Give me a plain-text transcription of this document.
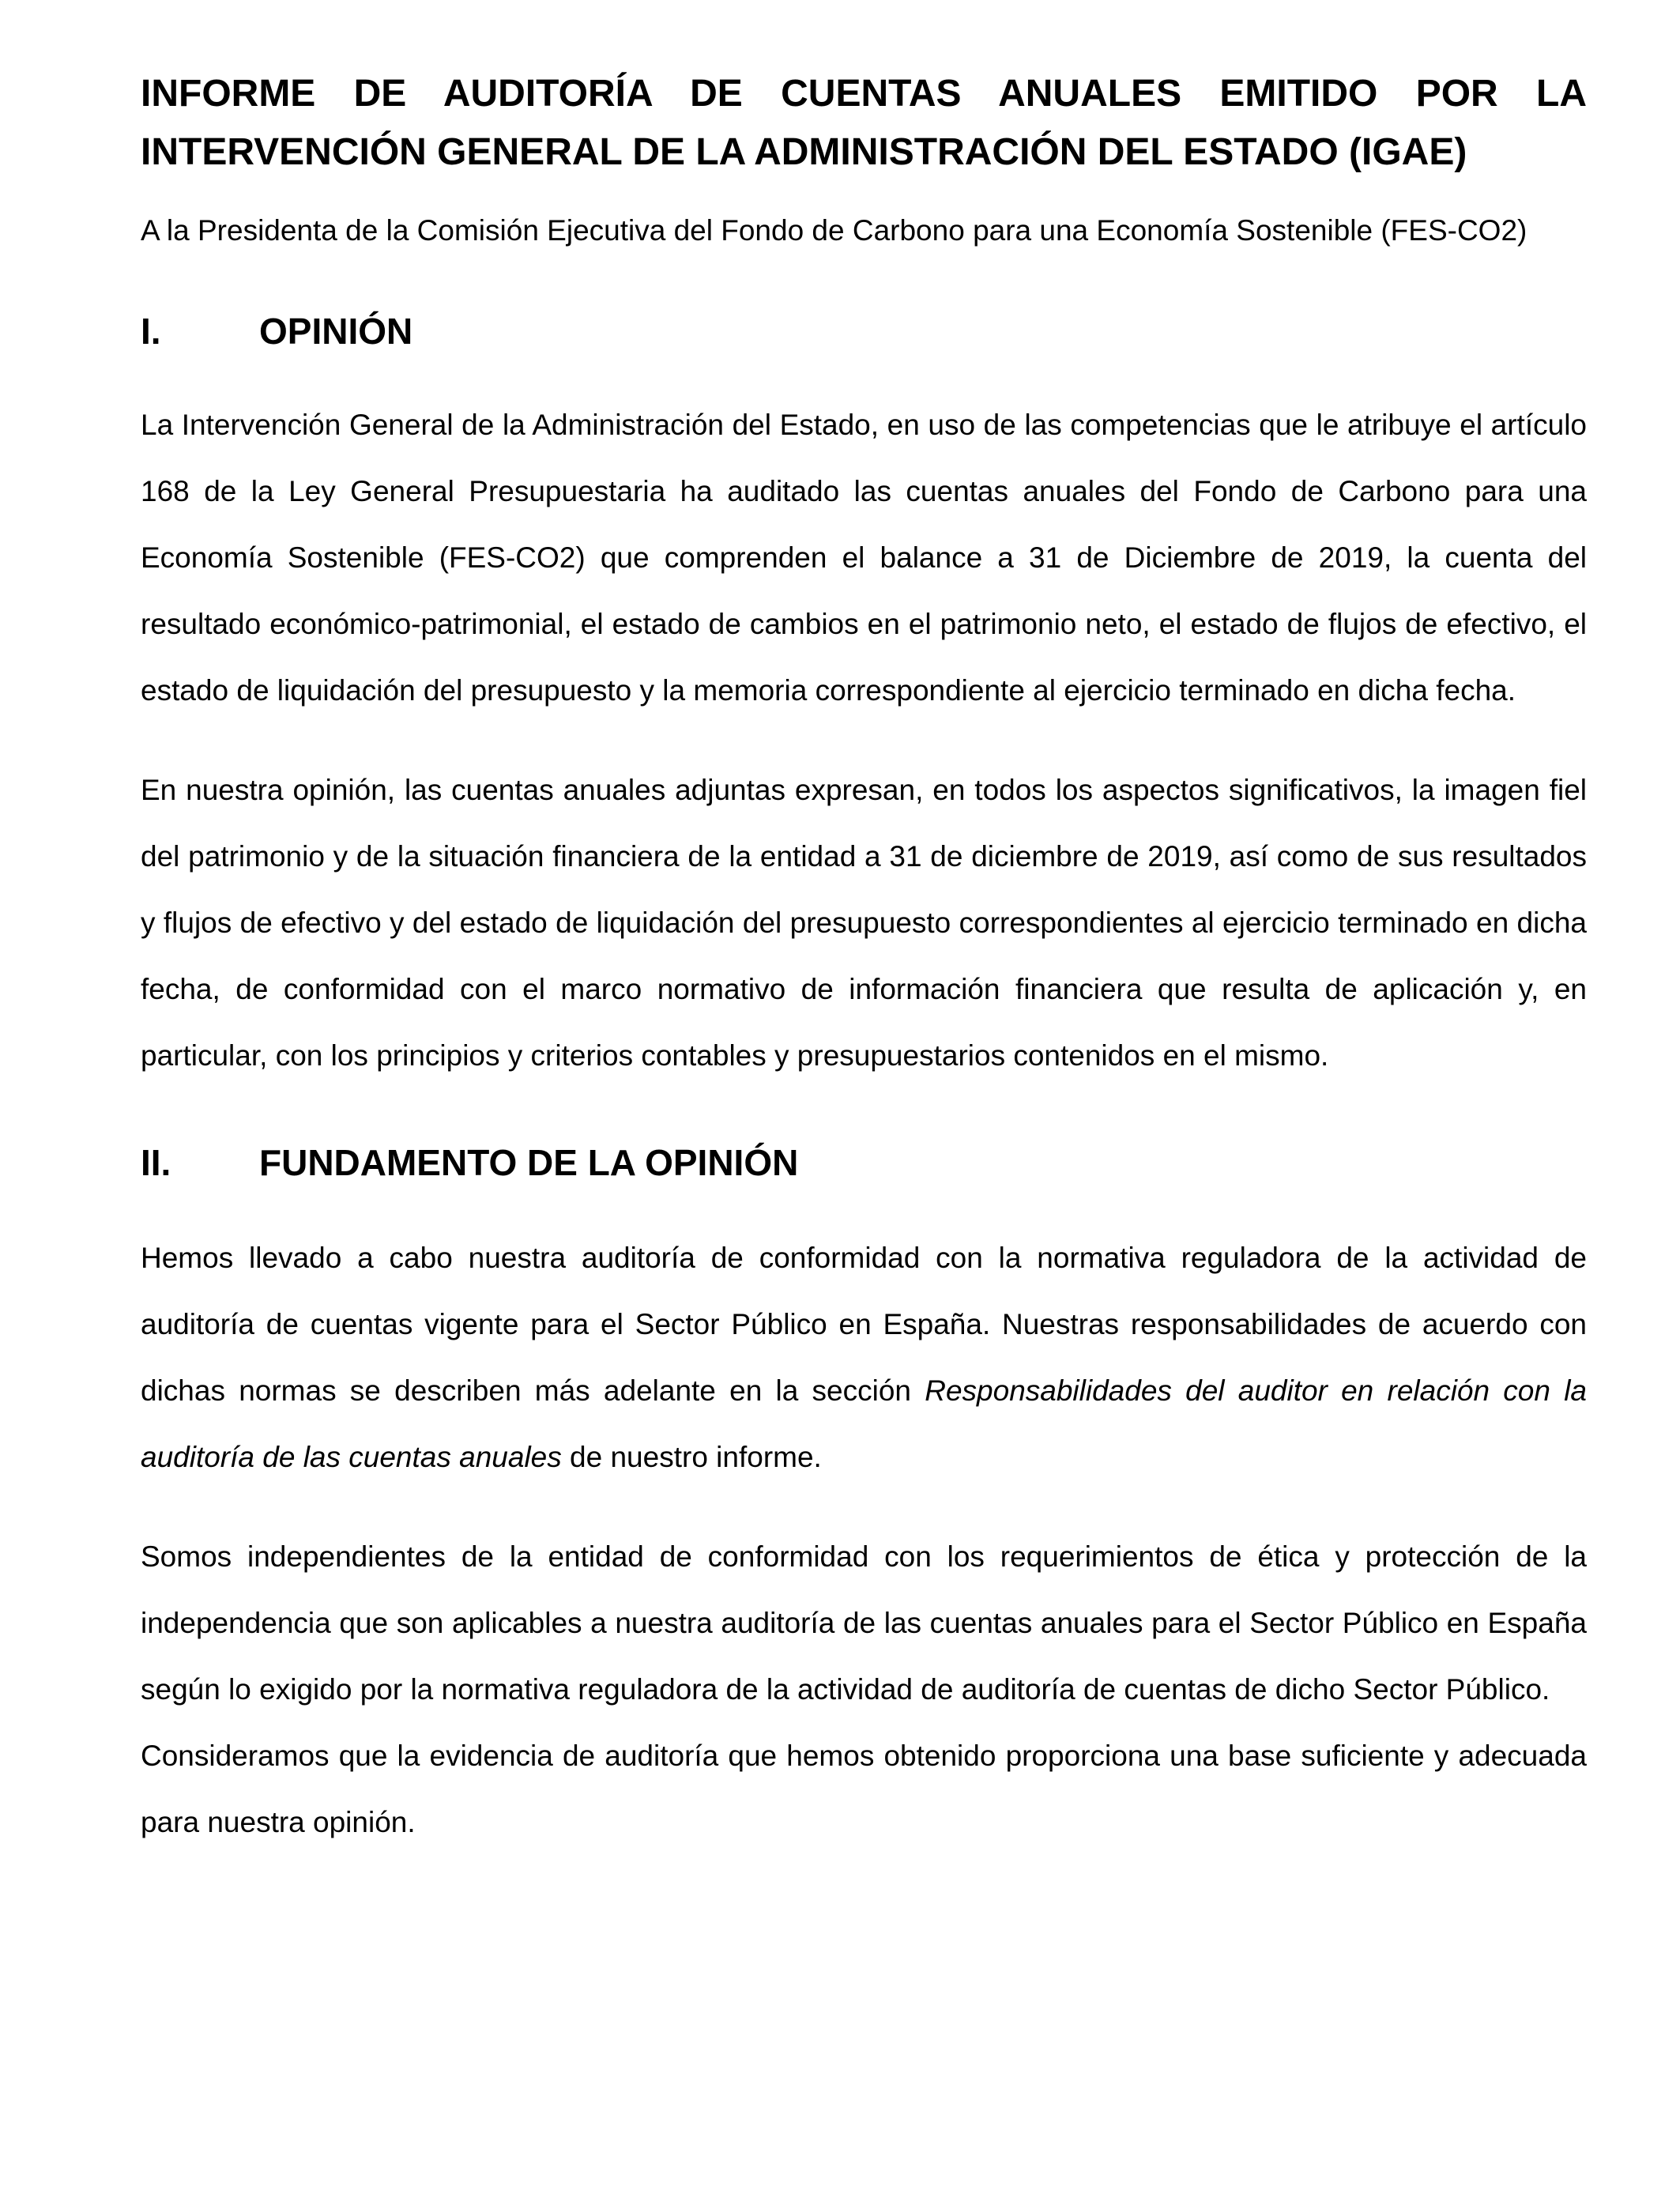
INFORME DE AUDITORÍA DE CUENTAS ANUALES EMITIDO POR LA INTERVENCIÓN GENERAL DE LA ADMINISTRACIÓN DEL ESTADO (IGAE)

A la Presidenta de la Comisión Ejecutiva del Fondo de Carbono para una Economía Sostenible (FES-CO2)

I.	OPINIÓN

La Intervención General de la Administración del Estado, en uso de las competencias que le atribuye el artículo 168 de la Ley General Presupuestaria ha auditado las cuentas anuales del Fondo de Carbono para una Economía Sostenible (FES-CO2) que comprenden el balance a 31 de Diciembre de 2019, la cuenta del resultado económico-patrimonial, el estado de cambios en el patrimonio neto, el estado de flujos de efectivo, el estado de liquidación del presupuesto y la memoria correspondiente al ejercicio terminado en dicha fecha.

En nuestra opinión, las cuentas anuales adjuntas expresan, en todos los aspectos significativos, la imagen fiel del patrimonio y de la situación financiera de la entidad a 31 de diciembre de 2019, así como de sus resultados y flujos de efectivo y del estado de liquidación del presupuesto correspondientes al ejercicio terminado en dicha fecha, de conformidad con el marco normativo de información financiera que resulta de aplicación y, en particular, con los principios y criterios contables y presupuestarios contenidos en el mismo.

II.	FUNDAMENTO DE LA OPINIÓN

Hemos llevado a cabo nuestra auditoría de conformidad con la normativa reguladora de la actividad de auditoría de cuentas vigente para el Sector Público en España. Nuestras responsabilidades de acuerdo con dichas normas se describen más adelante en la sección Responsabilidades del auditor en relación con la auditoría de las cuentas anuales de nuestro informe.

Somos independientes de la entidad de conformidad con los requerimientos de ética y protección de la independencia que son aplicables a nuestra auditoría de las cuentas anuales para el Sector Público en España según lo exigido por la normativa reguladora de la actividad de auditoría de cuentas de dicho Sector Público.

Consideramos que la evidencia de auditoría que hemos obtenido proporciona una base suficiente y adecuada para nuestra opinión.
